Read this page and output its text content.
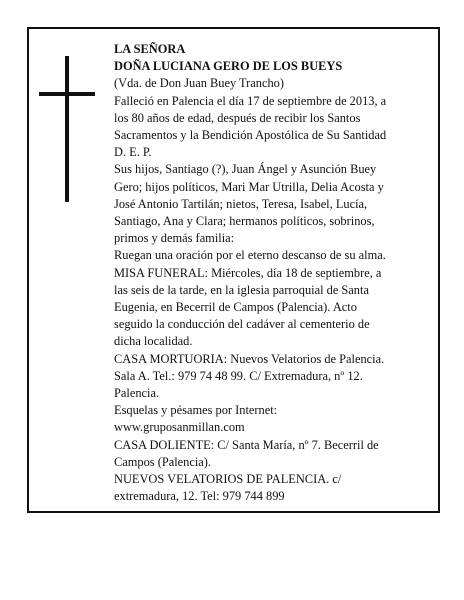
LA SEÑORA
DOÑA LUCIANA GERO DE LOS BUEYS
(Vda. de Don Juan Buey Trancho)
Falleció en Palencia el día 17 de septiembre de 2013, a
los 80 años de edad, después de recibir los Santos
Sacramentos y la Bendición Apostólica de Su Santidad
D. E. P.
Sus hijos, Santiago (?), Juan Ángel y Asunción Buey
Gero; hijos políticos, Mari Mar Utrilla, Delia Acosta y
José Antonio Tartilán; nietos, Teresa, Isabel, Lucía,
Santiago, Ana y Clara; hermanos políticos, sobrinos,
primos y demás familia:
Ruegan una oración por el eterno descanso de su alma.
MISA FUNERAL: Miércoles, día 18 de septiembre, a
las seis de la tarde, en la iglesia parroquial de Santa
Eugenia, en Becerril de Campos (Palencia). Acto
seguido la conducción del cadáver al cementerio de
dicha localidad.
CASA MORTUORIA: Nuevos Velatorios de Palencia.
Sala A. Tel.: 979 74 48 99. C/ Extremadura, nº 12.
Palencia.
Esquelas y pésames por Internet:
www.gruposanmillan.com
CASA DOLIENTE: C/ Santa María, nº 7. Becerril de
Campos (Palencia).
NUEVOS VELATORIOS DE PALENCIA. c/
extremadura, 12. Tel: 979 744 899
